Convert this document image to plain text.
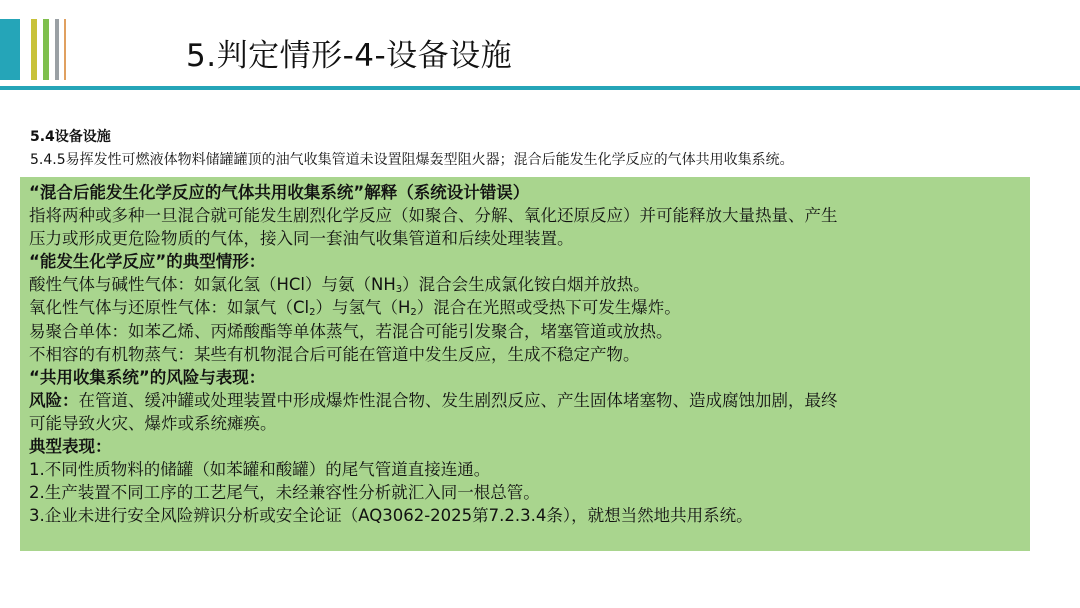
5.判定情形-4-设备设施
5.4设备设施
5.4.5易挥发性可燃液体物料储罐罐顶的油气收集管道未设置阻爆轰型阻火器；混合后能发生化学反应的气体共用收集系统。
“混合后能发生化学反应的气体共用收集系统”解释（系统设计错误）
指将两种或多种一旦混合就可能发生剧烈化学反应（如聚合、分解、氧化还原反应）并可能释放大量热量、产生
压力或形成更危险物质的气体，接入同一套油气收集管道和后续处理装置。
“能发生化学反应”的典型情形：
酸性气体与碱性气体：如氯化氢（HCl）与氨$(NH_3)$混合会生成氯化铵白烟并放热。
氧化性气体与还原性气体：如氯气$(Cl_2)$与氢气$(H_2)$混合在光照或受热下可发生爆炸。
易聚合单体：如苯乙烯、丙烯酸酯等单体蒸气，若混合可能引发聚合，堵塞管道或放热。
不相容的有机物蒸气：某些有机物混合后可能在管道中发生反应，生成不稳定产物。
“共用收集系统”的风险与表现：
风险：在管道、缓冲罐或处理装置中形成爆炸性混合物、发生剧烈反应、产生固体堵塞物、造成腐蚀加剧，最终
可能导致火灾、爆炸或系统瘫痪。
典型表现：
1.不同性质物料的储罐（如苯罐和酸罐）的尾气管道直接连通。
2.生产装置不同工序的工艺尾气，未经兼容性分析就汇入同一根总管。
3.企业未进行安全风险辨识分析或安全论证（AQ3062-2025第7.2.3.4条），就想当然地共用系统。
